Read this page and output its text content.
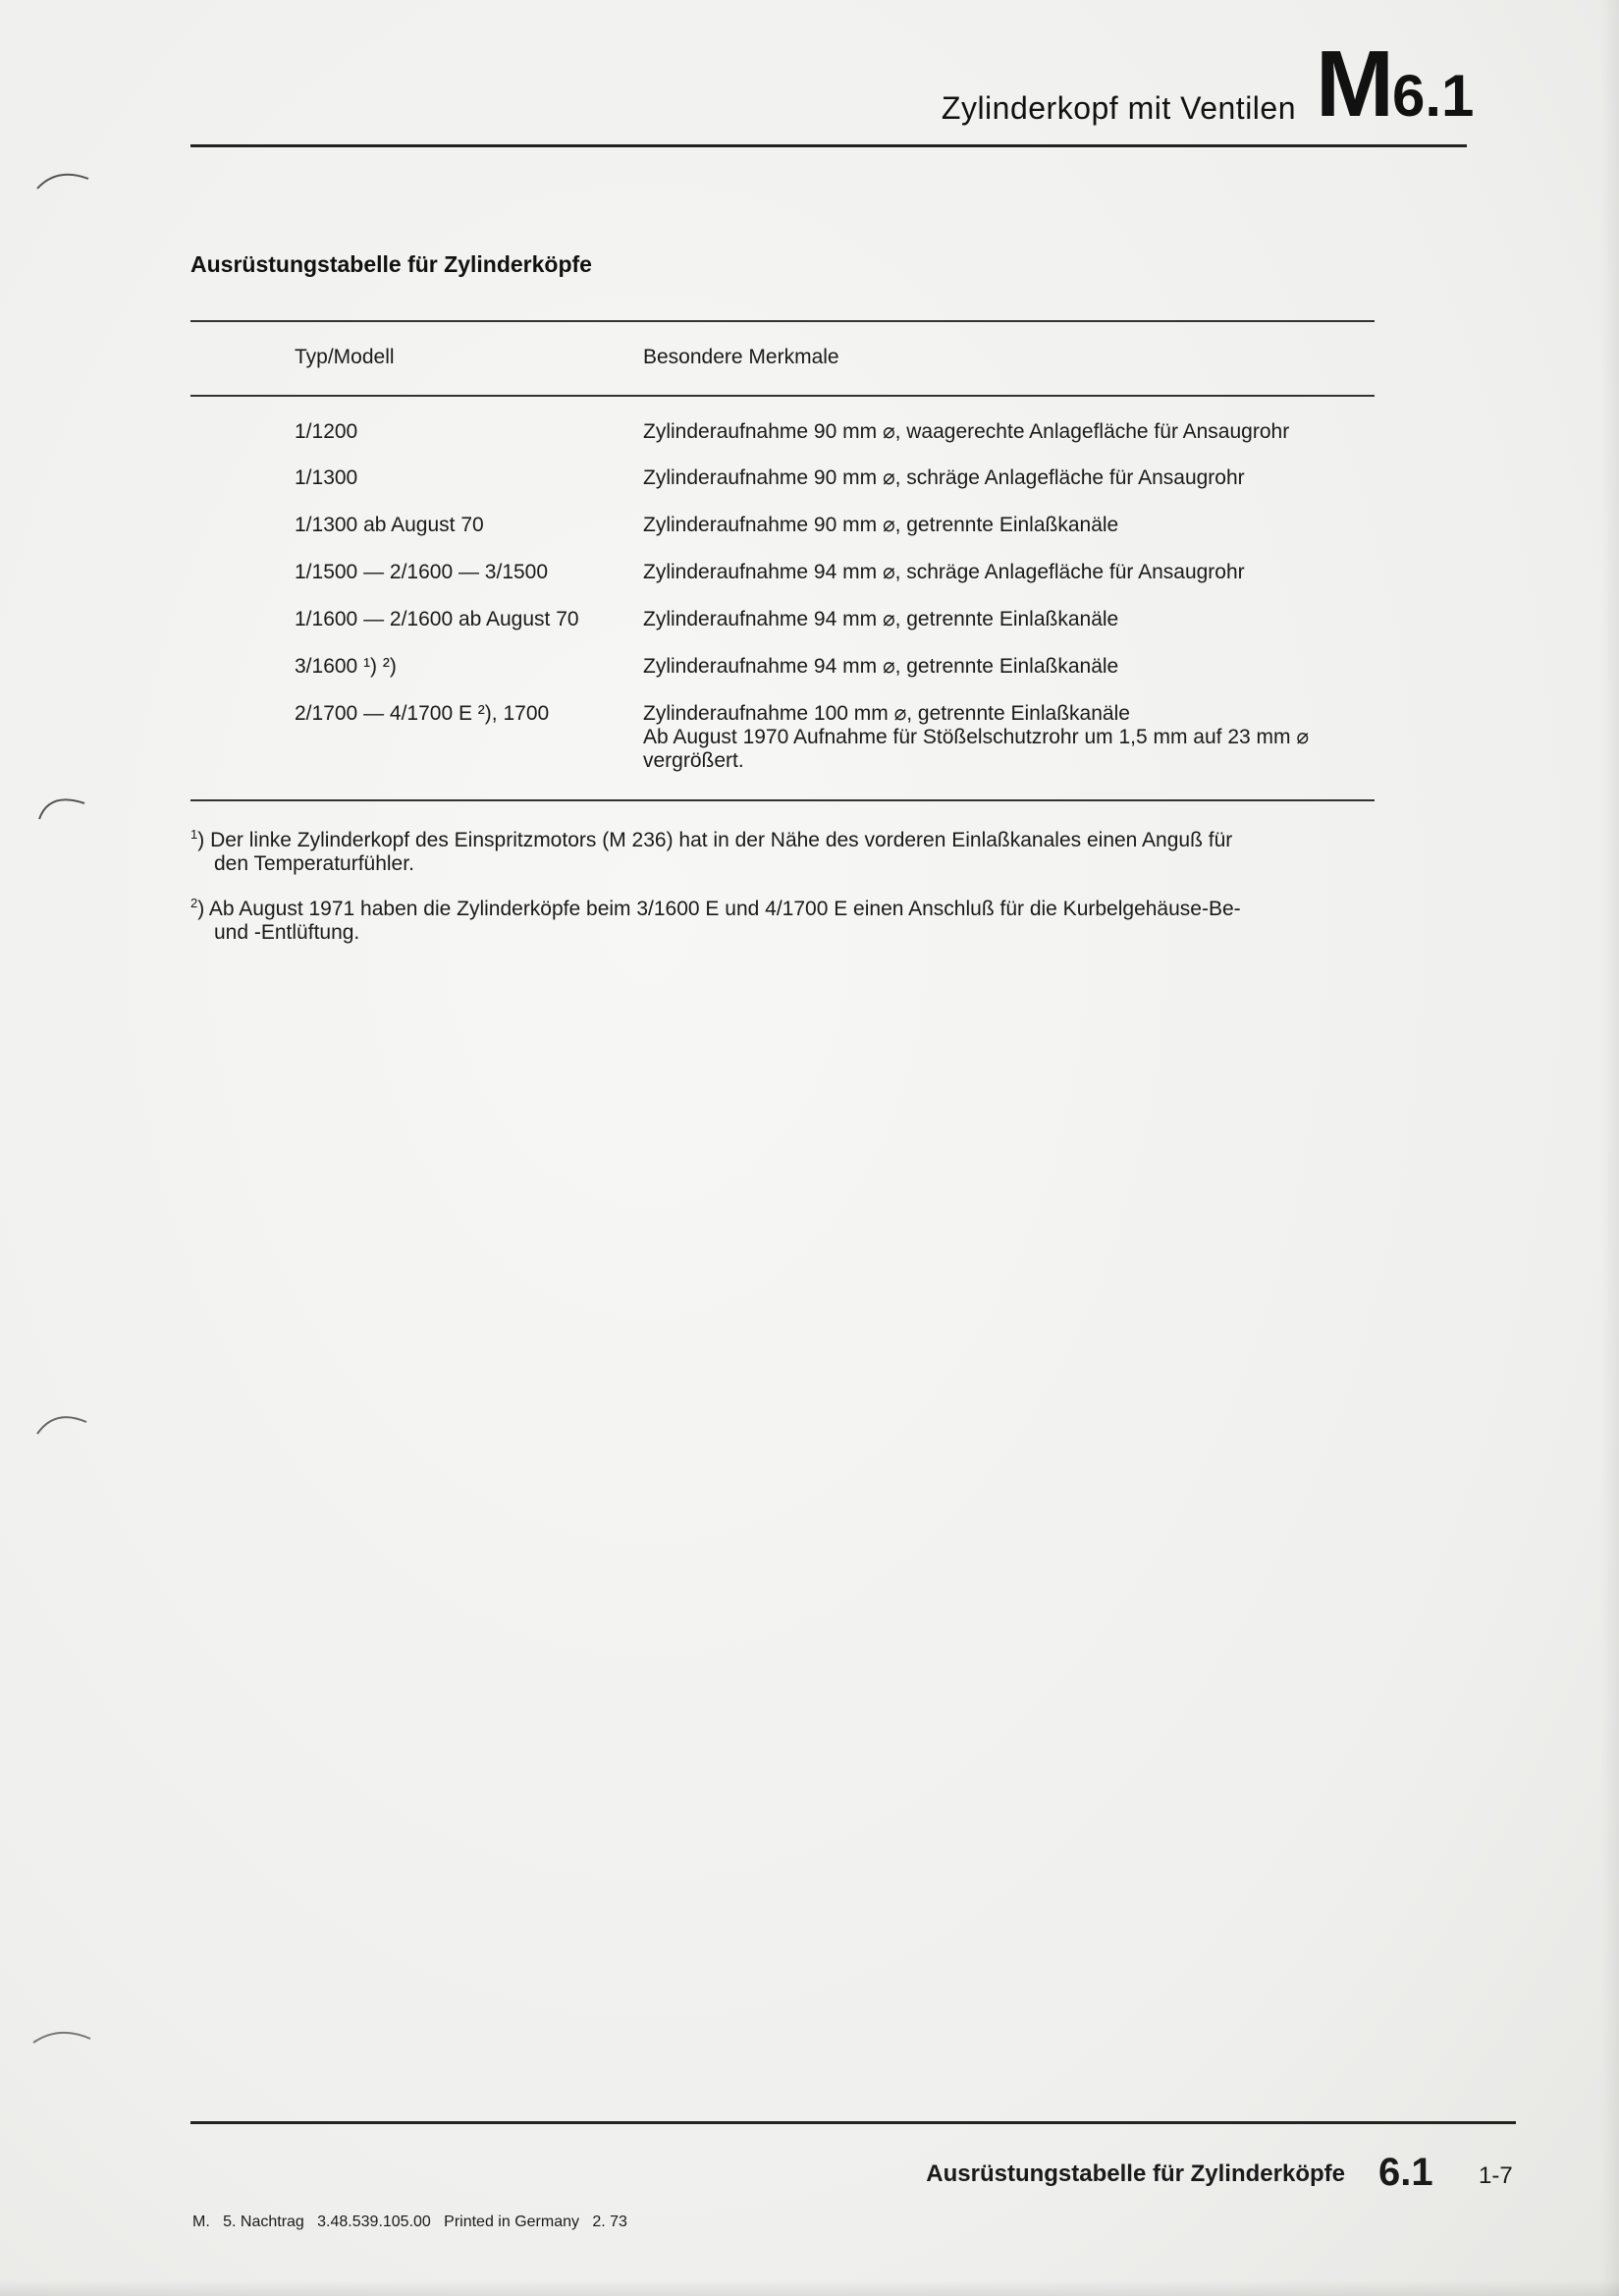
Zylinderkopf mit Ventilen M6.1
Ausrüstungstabelle für Zylinderköpfe
Typ/Modell	Besondere Merkmale
1/1200	Zylinderaufnahme 90 mm ⌀, waagerechte Anlagefläche für Ansaugrohr
1/1300	Zylinderaufnahme 90 mm ⌀, schräge Anlagefläche für Ansaugrohr
1/1300 ab August 70	Zylinderaufnahme 90 mm ⌀, getrennte Einlaßkanäle
1/1500 — 2/1600 — 3/1500	Zylinderaufnahme 94 mm ⌀, schräge Anlagefläche für Ansaugrohr
1/1600 — 2/1600 ab August 70	Zylinderaufnahme 94 mm ⌀, getrennte Einlaßkanäle
3/1600 ¹) ²)	Zylinderaufnahme 94 mm ⌀, getrennte Einlaßkanäle
2/1700 — 4/1700 E ²), 1700	Zylinderaufnahme 100 mm ⌀, getrennte Einlaßkanäle
Ab August 1970 Aufnahme für Stößelschutzrohr um 1,5 mm auf 23 mm ⌀
vergrößert.
$^1$) Der linke Zylinderkopf des Einspritzmotors (M 236) hat in der Nähe des vorderen Einlaßkanales einen Anguß für
den Temperaturfühler.
$^2$) Ab August 1971 haben die Zylinderköpfe beim 3/1600 E und 4/1700 E einen Anschluß für die Kurbelgehäuse-Be-
und -Entlüftung.
Ausrüstungstabelle für Zylinderköpfe 6.1 1-7
M.   5. Nachtrag   3.48.539.105.00   Printed in Germany   2. 73
